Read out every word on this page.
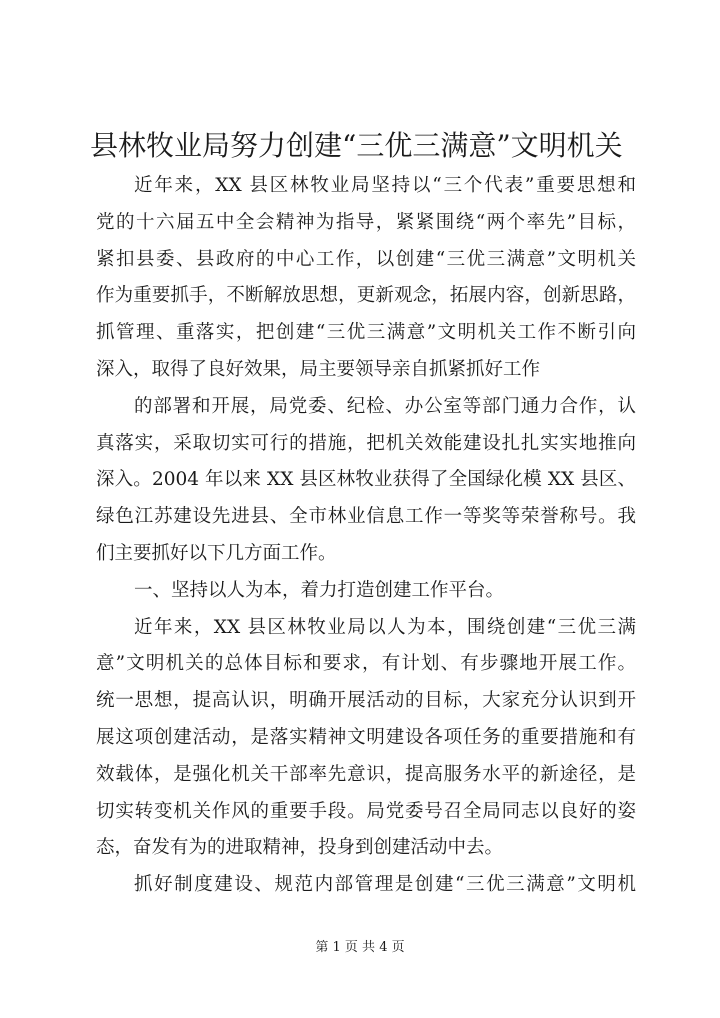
县林牧业局努力创建“三优三满意”文明机关
近年来，XX 县区林牧业局坚持以“三个代表”重要思想和
党的十六届五中全会精神为指导，紧紧围绕“两个率先”目标，
紧扣县委、县政府的中心工作，以创建“三优三满意”文明机关
作为重要抓手，不断解放思想，更新观念，拓展内容，创新思路，
抓管理、重落实，把创建“三优三满意”文明机关工作不断引向
深入，取得了良好效果，局主要领导亲自抓紧抓好工作
的部署和开展，局党委、纪检、办公室等部门通力合作，认
真落实，采取切实可行的措施，把机关效能建设扎扎实实地推向
深入。2004 年以来 XX 县区林牧业获得了全国绿化模 XX 县区、
绿色江苏建设先进县、全市林业信息工作一等奖等荣誉称号。我
们主要抓好以下几方面工作。
一、坚持以人为本，着力打造创建工作平台。
近年来，XX 县区林牧业局以人为本，围绕创建“三优三满
意”文明机关的总体目标和要求，有计划、有步骤地开展工作。
统一思想，提高认识，明确开展活动的目标，大家充分认识到开
展这项创建活动，是落实精神文明建设各项任务的重要措施和有
效载体，是强化机关干部率先意识，提高服务水平的新途径，是
切实转变机关作风的重要手段。局党委号召全局同志以良好的姿
态，奋发有为的进取精神，投身到创建活动中去。
抓好制度建设、规范内部管理是创建“三优三满意”文明机
第 1 页 共 4 页
